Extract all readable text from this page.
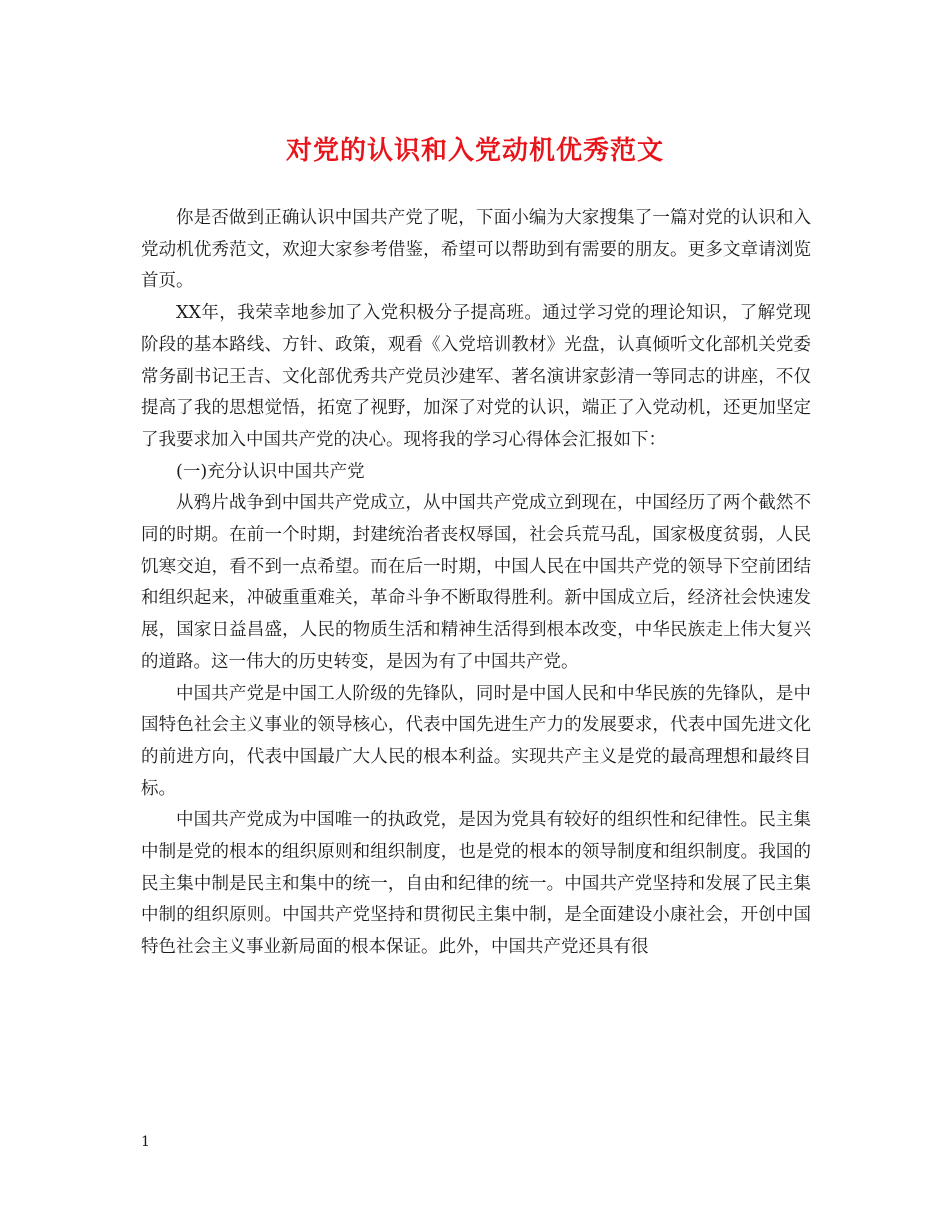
对党的认识和入党动机优秀范文

你是否做到正确认识中国共产党了呢，下面小编为大家搜集了一篇对党的认识和入党动机优秀范文，欢迎大家参考借鉴，希望可以帮助到有需要的朋友。更多文章请浏览首页。

XX年，我荣幸地参加了入党积极分子提高班。通过学习党的理论知识，了解党现阶段的基本路线、方针、政策，观看《入党培训教材》光盘，认真倾听文化部机关党委常务副书记王吉、文化部优秀共产党员沙建军、著名演讲家彭清一等同志的讲座，不仅提高了我的思想觉悟，拓宽了视野，加深了对党的认识，端正了入党动机，还更加坚定了我要求加入中国共产党的决心。现将我的学习心得体会汇报如下：

(一)充分认识中国共产党

从鸦片战争到中国共产党成立，从中国共产党成立到现在，中国经历了两个截然不同的时期。在前一个时期，封建统治者丧权辱国，社会兵荒马乱，国家极度贫弱，人民饥寒交迫，看不到一点希望。而在后一时期，中国人民在中国共产党的领导下空前团结和组织起来，冲破重重难关，革命斗争不断取得胜利。新中国成立后，经济社会快速发展，国家日益昌盛，人民的物质生活和精神生活得到根本改变，中华民族走上伟大复兴的道路。这一伟大的历史转变，是因为有了中国共产党。

中国共产党是中国工人阶级的先锋队，同时是中国人民和中华民族的先锋队，是中国特色社会主义事业的领导核心，代表中国先进生产力的发展要求，代表中国先进文化的前进方向，代表中国最广大人民的根本利益。实现共产主义是党的最高理想和最终目标。

中国共产党成为中国唯一的执政党，是因为党具有较好的组织性和纪律性。民主集中制是党的根本的组织原则和组织制度，也是党的根本的领导制度和组织制度。我国的民主集中制是民主和集中的统一，自由和纪律的统一。中国共产党坚持和发展了民主集中制的组织原则。中国共产党坚持和贯彻民主集中制，是全面建设小康社会，开创中国特色社会主义事业新局面的根本保证。此外，中国共产党还具有很

1
